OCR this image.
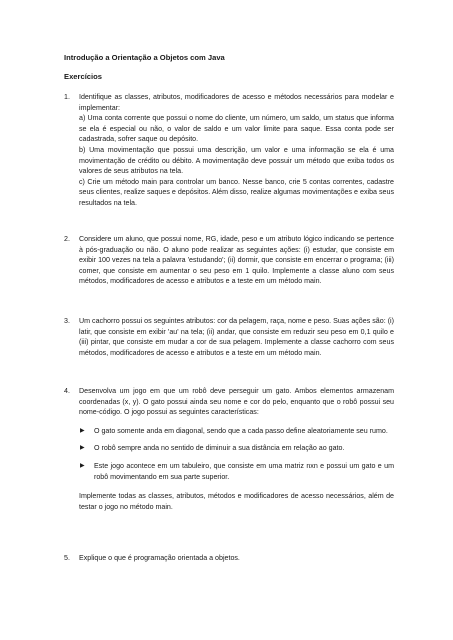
Introdução a Orientação a Objetos com Java
Exercícios
1.	Identifique as classes, atributos, modificadores de acesso e métodos necessários para modelar e implementar:

a) Uma conta corrente que possui o nome do cliente, um número, um saldo, um status que informa se ela é especial ou não, o valor de saldo e um valor limite para saque. Essa conta pode ser cadastrada, sofrer saque ou depósito.

b) Uma movimentação que possui uma descrição, um valor e uma informação se ela é uma movimentação de crédito ou débito. A movimentação deve possuir um método que exiba todos os valores de seus atributos na tela.

c) Crie um método main para controlar um banco. Nesse banco, crie 5 contas correntes, cadastre seus clientes, realize saques e depósitos. Além disso, realize algumas movimentações e exiba seus resultados na tela.

2.	Considere um aluno, que possui nome, RG, idade, peso e um atributo lógico indicando se pertence à pós-graduação ou não. O aluno pode realizar as seguintes ações: (i) estudar, que consiste em exibir 100 vezes na tela a palavra 'estudando'; (ii) dormir, que consiste em encerrar o programa; (iii) comer, que consiste em aumentar o seu peso em 1 quilo. Implemente a classe aluno com seus métodos, modificadores de acesso e atributos e a teste em um método main.

3.	Um cachorro possui os seguintes atributos: cor da pelagem, raça, nome e peso. Suas ações são: (i) latir, que consiste em exibir 'au' na tela; (ii) andar, que consiste em reduzir seu peso em 0,1 quilo e (iii) pintar, que consiste em mudar a cor de sua pelagem. Implemente a classe cachorro com seus métodos, modificadores de acesso e atributos e a teste em um método main.

4.	Desenvolva um jogo em que um robô deve perseguir um gato. Ambos elementos armazenam coordenadas (x, y). O gato possui ainda seu nome e cor do pelo, enquanto que o robô possui seu nome-código. O jogo possui as seguintes características:

▶ O gato somente anda em diagonal, sendo que a cada passo define aleatoriamente seu rumo.
▶ O robô sempre anda no sentido de diminuir a sua distância em relação ao gato.
▶ Este jogo acontece em um tabuleiro, que consiste em uma matriz nxn e possui um gato e um robô movimentando em sua parte superior.

Implemente todas as classes, atributos, métodos e modificadores de acesso necessários, além de testar o jogo no método main.

5.	Explique o que é programação orientada a objetos.
